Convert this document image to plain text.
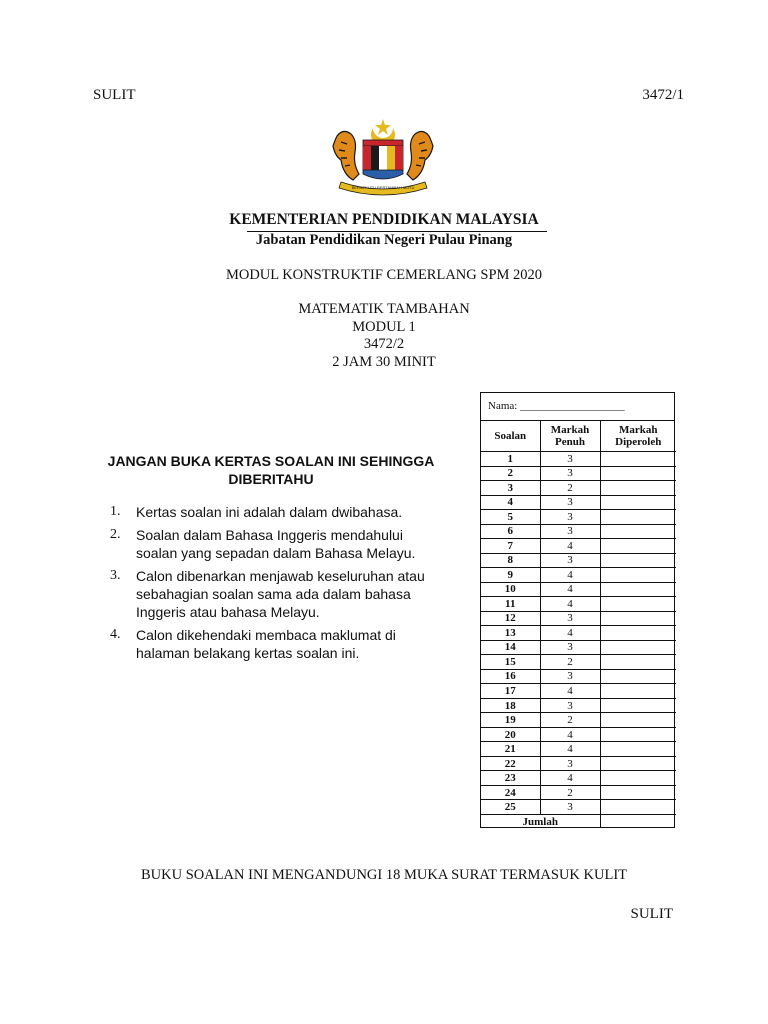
SULIT	3472/1
BERSEKUTU BERTAMBAH MUTU
KEMENTERIAN PENDIDIKAN MALAYSIA
Jabatan Pendidikan Negeri Pulau Pinang
MODUL KONSTRUKTIF CEMERLANG SPM 2020
MATEMATIK TAMBAHAN
MODUL 1
3472/2
2 JAM 30 MINIT
JANGAN BUKA KERTAS SOALAN INI SEHINGGA DIBERITAHU
1. Kertas soalan ini adalah dalam dwibahasa.
2. Soalan dalam Bahasa Inggeris mendahului soalan yang sepadan dalam Bahasa Melayu.
3. Calon dibenarkan menjawab keseluruhan atau sebahagian soalan sama ada dalam bahasa Inggeris atau bahasa Melayu.
4. Calon dikehendaki membaca maklumat di halaman belakang kertas soalan ini.
Nama: ___________________
Soalan	Markah Penuh	Markah Diperoleh
1	3	
2	3	
3	2	
4	3	
5	3	
6	3	
7	4	
8	3	
9	4	
10	4	
11	4	
12	3	
13	4	
14	3	
15	2	
16	3	
17	4	
18	3	
19	2	
20	4	
21	4	
22	3	
23	4	
24	2	
25	3	
Jumlah		
BUKU SOALAN INI MENGANDUNGI 18 MUKA SURAT TERMASUK KULIT
SULIT
